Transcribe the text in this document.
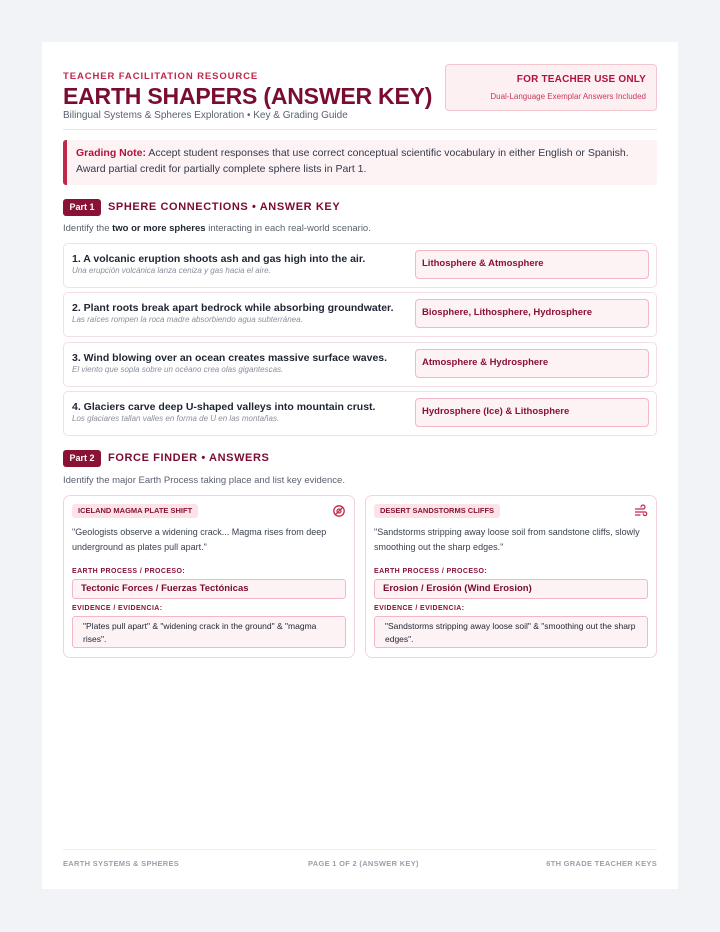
TEACHER FACILITATION RESOURCE
EARTH SHAPERS (ANSWER KEY)
Bilingual Systems & Spheres Exploration • Key & Grading Guide
FOR TEACHER USE ONLY
Dual-Language Exemplar Answers Included
Grading Note: Accept student responses that use correct conceptual scientific vocabulary in either English or Spanish. Award partial credit for partially complete sphere lists in Part 1.
Part 1	SPHERE CONNECTIONS • ANSWER KEY
Identify the two or more spheres interacting in each real-world scenario.
1. A volcanic eruption shoots ash and gas high into the air.
Una erupción volcánica lanza ceniza y gas hacia el aire.
Lithosphere & Atmosphere
2. Plant roots break apart bedrock while absorbing groundwater.
Las raíces rompen la roca madre absorbiendo agua subterránea.
Biosphere, Lithosphere, Hydrosphere
3. Wind blowing over an ocean creates massive surface waves.
El viento que sopla sobre un océano crea olas gigantescas.
Atmosphere & Hydrosphere
4. Glaciers carve deep U-shaped valleys into mountain crust.
Los glaciares tallan valles en forma de U en las montañas.
Hydrosphere (Ice) & Lithosphere
Part 2	FORCE FINDER • ANSWERS
Identify the major Earth Process taking place and list key evidence.
ICELAND MAGMA PLATE SHIFT
"Geologists observe a widening crack... Magma rises from deep underground as plates pull apart."
EARTH PROCESS / PROCESO:
Tectonic Forces / Fuerzas Tectónicas
EVIDENCE / EVIDENCIA:
"Plates pull apart" & "widening crack in the ground" & "magma rises".
DESERT SANDSTORMS CLIFFS
"Sandstorms stripping away loose soil from sandstone cliffs, slowly smoothing out the sharp edges."
EARTH PROCESS / PROCESO:
Erosion / Erosión (Wind Erosion)
EVIDENCE / EVIDENCIA:
"Sandstorms stripping away loose soil" & "smoothing out the sharp edges".
EARTH SYSTEMS & SPHERES	PAGE 1 OF 2 (ANSWER KEY)	6TH GRADE TEACHER KEYS
